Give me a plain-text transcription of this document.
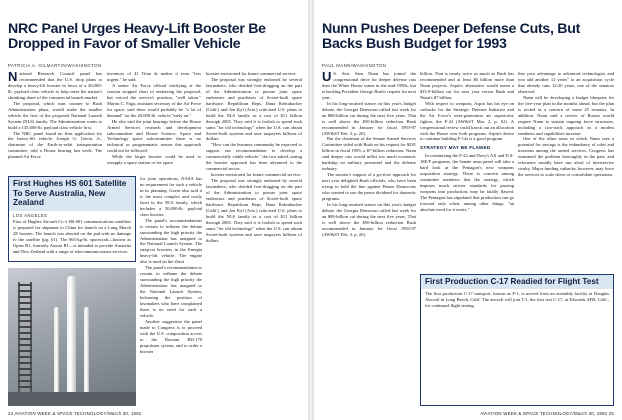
NRC Panel Urges Heavy-Lift Booster Be Dropped in Favor of Smaller Vehicle
PATRICIA A. GILMARTIN/WASHINGTON

National Research Council panel has recommended that the U.S. drop plans to develop a heavy-lift booster in favor of a 20,000-lb. payload class vehicle to help meet the nation's shrinking share of the commercial launch market.

The proposal, which runs counter to Bush Administration plans, would make the smaller vehicle the first of the proposed National Launch System (NLS) family. The Administration wants to build a 135,000-lb. payload class vehicle first.

The NRC panel found no firm application for the heavy-lift vehicle, Joseph G. Gavin, Jr., chairman of the Earth-to-orbit transportation committee, told a House hearing last week. The planned Air Force

inventory of 41 Titan 4s makes it even "less urgent," he said.

A senior Air Force official testifying at the session stopped short of endorsing the proposal, but voiced the service's position, "well taken." Martin C. Faga, assistant secretary of the Air Force for space, said there would probably be "a lot of demand" for the 20,000-lb. vehicle "early on."

He also said the joint hearings before the House Armed Services research and development subcommittee and House Science, Space and Technology space subcommittee there is no technical or programmatic reason this approach could not be followed.

While the larger booster could be used to resupply a space station or for space

booster envisioned for future commercial service.

The proposal was strongly endorsed by several lawmakers, who derided foot-dragging on the part of the Administration to pursue joint space endeavors and purchases of Soviet-built space hardware. Republican Reps. Dana Rohrabacher (Calif.) and Jon Kyl (Ariz.) criticized U.S. plans to build the NLS family as a cost of $11 billion through 2005. They said it is foolish to spend such sums "for old technology" when the U.S. can obtain Soviet-built systems and save taxpayers billions of dollars.

"How can the business community be expected to support our recommendation to develop a commercially viable vehicle," the two asked, noting the booster approach has been advanced to the commercial sector.

booster envisioned for future commercial service.

The proposal was strongly endorsed by several lawmakers, who derided foot-dragging on the part of the Administration to pursue joint space endeavors and purchases of Soviet-built space hardware. Republican Reps. Dana Rohrabacher (Calif.) and Jon Kyl (Ariz.) criticized U.S. plans to build the NLS family as a cost of $11 billion through 2005. They said it is foolish to spend such sums "for old technology" when the U.S. can obtain Soviet-built systems and save taxpayers billions of dollars.

First Hughes HS 601 Satellite To Serve Australia, New Zealand
LOS ANGELES
First of Hughes Aircraft Co.'s HS 601 communications satellites is prepared for shipment to China for launch on a Long March 2E booster. The launch was aborted on the pad with no damage to the satellite (pg. 61). The 963-kg-lb. spacecraft—known as Optus B1, formerly Aussat B1—is intended to provide Australia and New Zealand with a range of telecommunications services.

for joint operations, NASA has no requirement for such a vehicle in its planning. Gavin also said it is the most complex and costly facet in the NLS family, which includes a 50,000-lb. payload class booster.

The panel's recommendations is certain to inflame the debate surrounding the high priority the Administration has assigned to the National Launch System. The strap-on boosters in the Energia heavy-lift vehicle. The engine also is used on the Zenit

The panel's recommendation is certain to inflame the debate surrounding the high priority the Administration has assigned to the National Launch System, bolstering the position of lawmakers who have complained there is no need for such a vehicle.

Another suggestion the panel made to Congress is to proceed with the U.S. composition access to the Russian RD-170 propulsion system, and to order a booster

24 AVIATION WEEK & SPACE TECHNOLOGY/March 30, 1992
Nunn Pushes Deeper Defense Cuts, But Backs Bush Budget for 1993
PAUL MANN/WASHINGTON

U S. Sen. Sam Nunn has joined the congressional drive for deeper defense cuts than the White House wants in the mid-1990s, but is backing President George Bush's request for next year.

In his long-awaited stance on this year's budget debate, the Georgia Democrat called last week for an $88-billion cut during the next five years. That is well above the $50-billion reduction Bush recommended in January for fiscal 1993-97 (AW&ST Feb. 3, p. 20).

But the chairman of the Senate Armed Services Committee sided with Bush on his request for $281 billion in fiscal 1993, a $7-billion reduction. Nunn said deeper cuts would inflict too much economic hardship on military personnel and the defense industry.

The senator's support of a go-slow approach for next year delighted Bush officials, who have been trying to hold the line against House Democrats who wanted to use the peace dividend for domestic programs.

In his long-awaited stance on this year's budget debate, the Georgia Democrat called last week for an $88-billion cut during the next five years. That is well above the $50-billion reduction Bush recommended in January for fiscal 1993-97 (AW&ST Feb. 3, p. 20).

billion. That is nearly twice as much as Bush has recommended and at least $6 billion more than Nunn projects. Aspin's alternative would mean a $15.9-billion cut for next year versus Bush and Nunn's $7 billion.

With respect to weapons, Aspin has his eye on cutbacks for the Strategic Defense Initiative and the Air Force's next-generation air superiority fighter, the F-22 (AW&ST Mar. 2, p. 62). A congressional review could knock out an allocation with the House over both programs. Aspin's desire to continue building F-14s is a good program.

STRATEGY MAY BE FLAWED

In scrutinizing the F-22 and Navy's AX and F/A-18E/F programs, the Senate arms panel will take a hard look at the Pentagon's new weapons acquisition strategy. There is concern among committee members that the strategy, which imposes much stricter standards for passing weapons into production, may be fatally flawed. The Pentagon has stipulated that production can go forward only when, among other things, "an absolute need for it exists."

line your advantage to advanced technologies and you add another 12 years" to an acquisition cycle that already runs 12-20 years, one of the senators observed.

Nunn will be developing a budget blueprint for the five-year plan in the months ahead, but the plan is rooted in a concern of some 25 senators. In addition, Nunn said a review of Russia would require Nunn to sustain ongoing force structures, including a two-track approach in a modest readiness and capabilities increase.

One of the other areas in which Nunn sees a potential for savings is the redundancy of roles and missions among the armed services. Congress has examined the problem thoroughly in the past, and reformers usually have run afoul of interservice rivalry. Major funding cutbacks, however, may force the services to scale down or consolidate operations.

First Production C-17 Readied for Flight Test
The first production C-17 transport, known as P-1, is moved from an assembly facility at Douglas Aircraft in Long Beach, Calif. The aircraft will join T-1, the first test C-17, at Edwards AFB, Calif., for continued flight testing.
AVIATION WEEK & SPACE TECHNOLOGY/March 30, 1992 25
